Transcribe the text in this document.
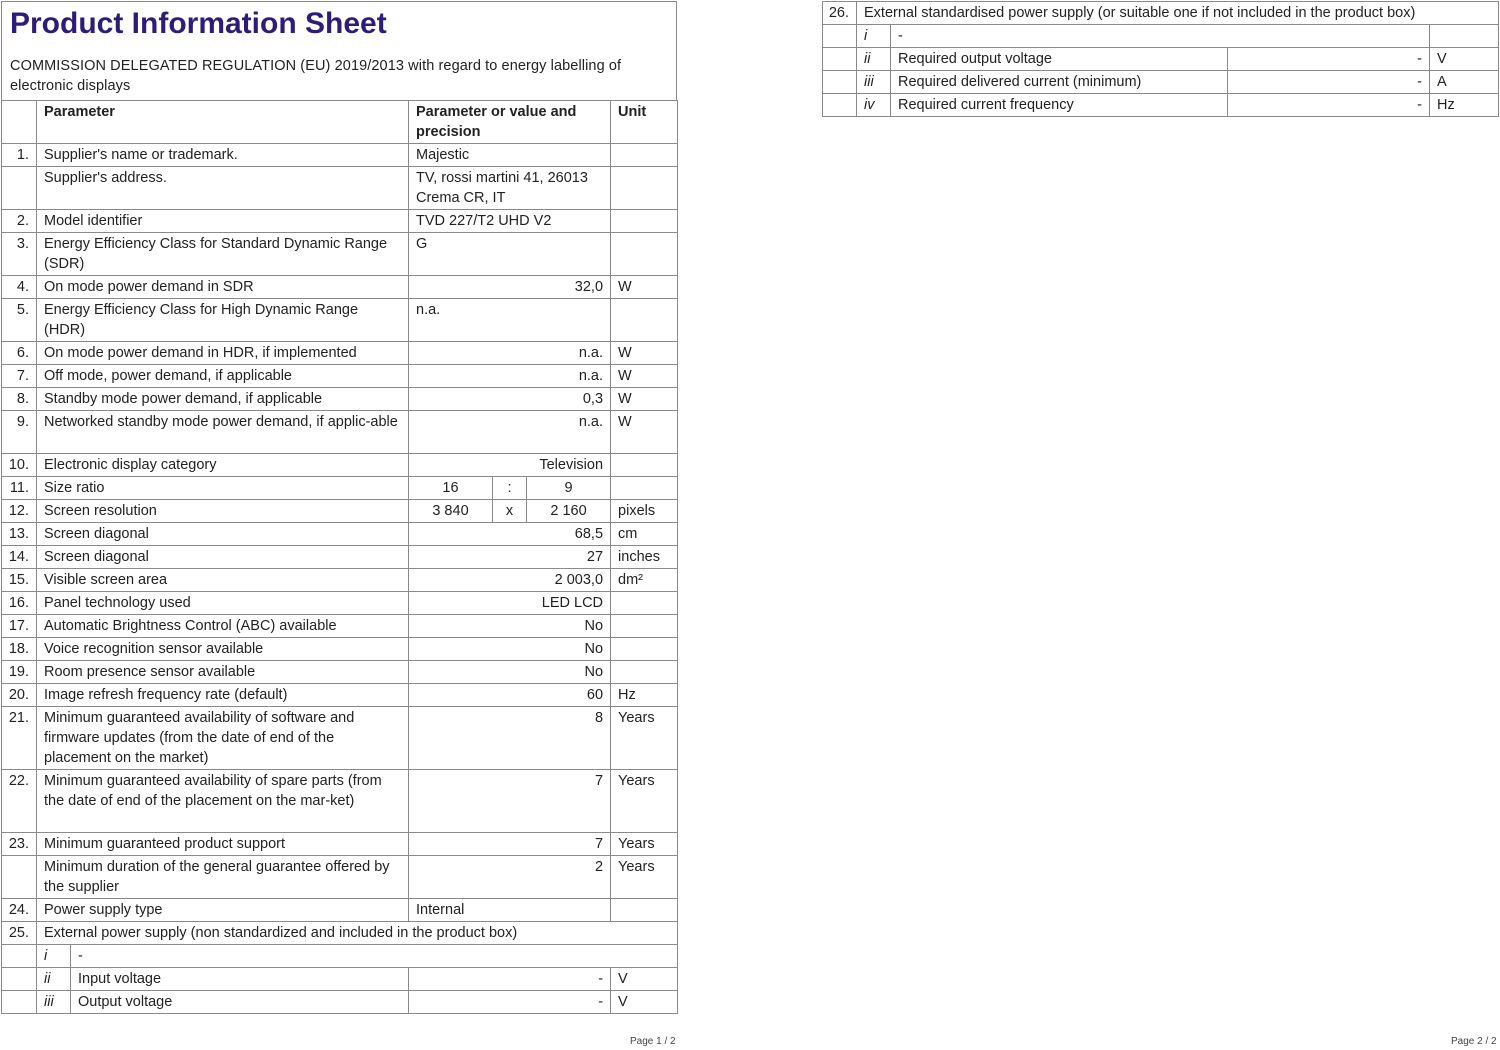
Product Information Sheet
COMMISSION DELEGATED REGULATION (EU) 2019/2013 with regard to energy labelling of electronic displays
	Parameter		Parameter or value and precision			Unit
1.	Supplier's name or trademark.		Majestic			
	Supplier's address.		TV, rossi martini 41, 26013 Crema CR, IT			
2.	Model identifier		TVD 227/T2 UHD V2			
3.	Energy Efficiency Class for Standard Dynamic Range (SDR)		G			
4.	On mode power demand in SDR		32,0			W
5.	Energy Efficiency Class for High Dynamic Range (HDR)		n.a.			
6.	On mode power demand in HDR, if implemented		n.a.			W
7.	Off mode, power demand, if applicable		n.a.			W
8.	Standby mode power demand, if applicable		0,3			W
9.	Networked standby mode power demand, if applic-able		n.a.			W
10.	Electronic display category		Television			
11.	Size ratio		16	:	9	
12.	Screen resolution		3 840	x	2 160	pixels
13.	Screen diagonal		68,5			cm
14.	Screen diagonal		27			inches
15.	Visible screen area		2 003,0			dm²
16.	Panel technology used		LED LCD			
17.	Automatic Brightness Control (ABC) available		No			
18.	Voice recognition sensor available		No			
19.	Room presence sensor available		No			
20.	Image refresh frequency rate (default)		60			Hz
21.	Minimum guaranteed availability of software and firmware updates (from the date of end of the placement on the market)		8			Years
22.	Minimum guaranteed availability of spare parts (from the date of end of the placement on the mar-ket)		7			Years
23.	Minimum guaranteed product support		7			Years
	Minimum duration of the general guarantee offered by the supplier		2			Years
24.	Power supply type		Internal			
25.	External power supply (non standardized and included in the product box)					
	i	-				
	ii	Input voltage	-			V
	iii	Output voltage	-			V
26.	External standardised power supply (or suitable one if not included in the product box)			
	i	-		
	ii	Required output voltage	-	V
	iii	Required delivered current (minimum)	-	A
	iv	Required current frequency	-	Hz
Page 1 / 2	Page 2 / 2
